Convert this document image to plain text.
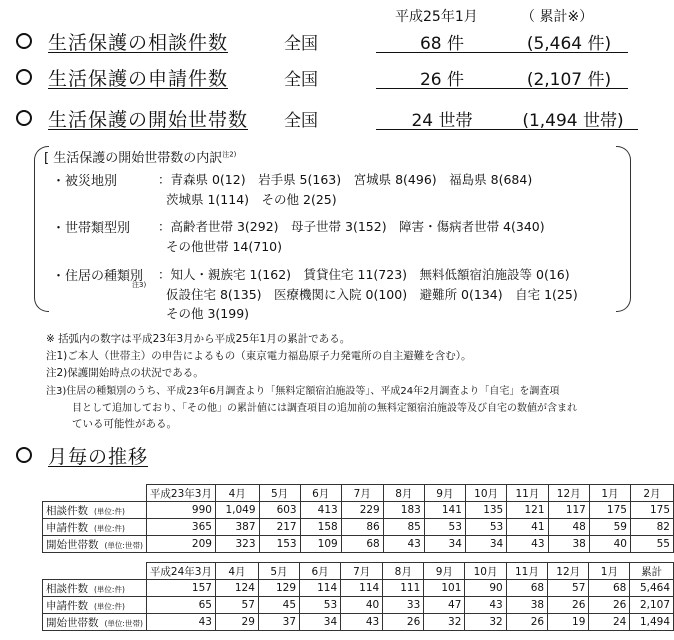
平成25年1月	（ 累計※）
生活保護の相談件数	全国	68 件	(5,464 件)
生活保護の申請件数	全国	26 件	(2,107 件)
生活保護の開始世帯数 全国	24 世帯	(1,494 世帯)
[ 生活保護の開始世帯数の内訳$^{注2)}$
・被災地別	：青森県 0(12)　岩手県 5(163)　宮城県 8(496)　福島県 8(684)
茨城県 1(114)　その他 2(25)
・世帯類型別 ：高齢者世帯 3(292)　母子世帯 3(152)　障害・傷病者世帯 4(340)
その他世帯 14(710)
・住居の種類別
注3)
：知人・親族宅 1(162)　賃貸住宅 11(723)　無料低額宿泊施設等 0(16)
仮設住宅 8(135)　医療機関に入院 0(100)　避難所 0(134)　自宅 1(25)
その他 3(199)
※ 括弧内の数字は平成23年3月から平成25年1月の累計である。
注1)ご本人（世帯主）の申告によるもの（東京電力福島原子力発電所の自主避難を含む）。
注2)保護開始時点の状況である。
注3)住居の種類別のうち、平成23年6月調査より「無料定額宿泊施設等」、平成24年2月調査より「自宅」を調査項
目として追加しており、「その他」の累計値には調査項目の追加前の無料定額宿泊施設等及び自宅の数値が含まれ
ている可能性がある。
月毎の推移
	平成23年3月	4月	5月	6月	7月	8月	9月	10月	11月	12月	1月	2月
相談件数 (単位:件)	990	1,049	603	413	229	183	141	135	121	117	175	175
申請件数 (単位:件)	365	387	217	158	86	85	53	53	41	48	59	82
開始世帯数 (単位:世帯)	209	323	153	109	68	43	34	34	43	38	40	55
	平成24年3月	4月	5月	6月	7月	8月	9月	10月	11月	12月	1月	累計
相談件数 (単位:件)	157	124	129	114	114	111	101	90	68	57	68	5,464
申請件数 (単位:件)	65	57	45	53	40	33	47	43	38	26	26	2,107
開始世帯数 (単位:世帯)	43	29	37	34	43	26	32	32	26	19	24	1,494
